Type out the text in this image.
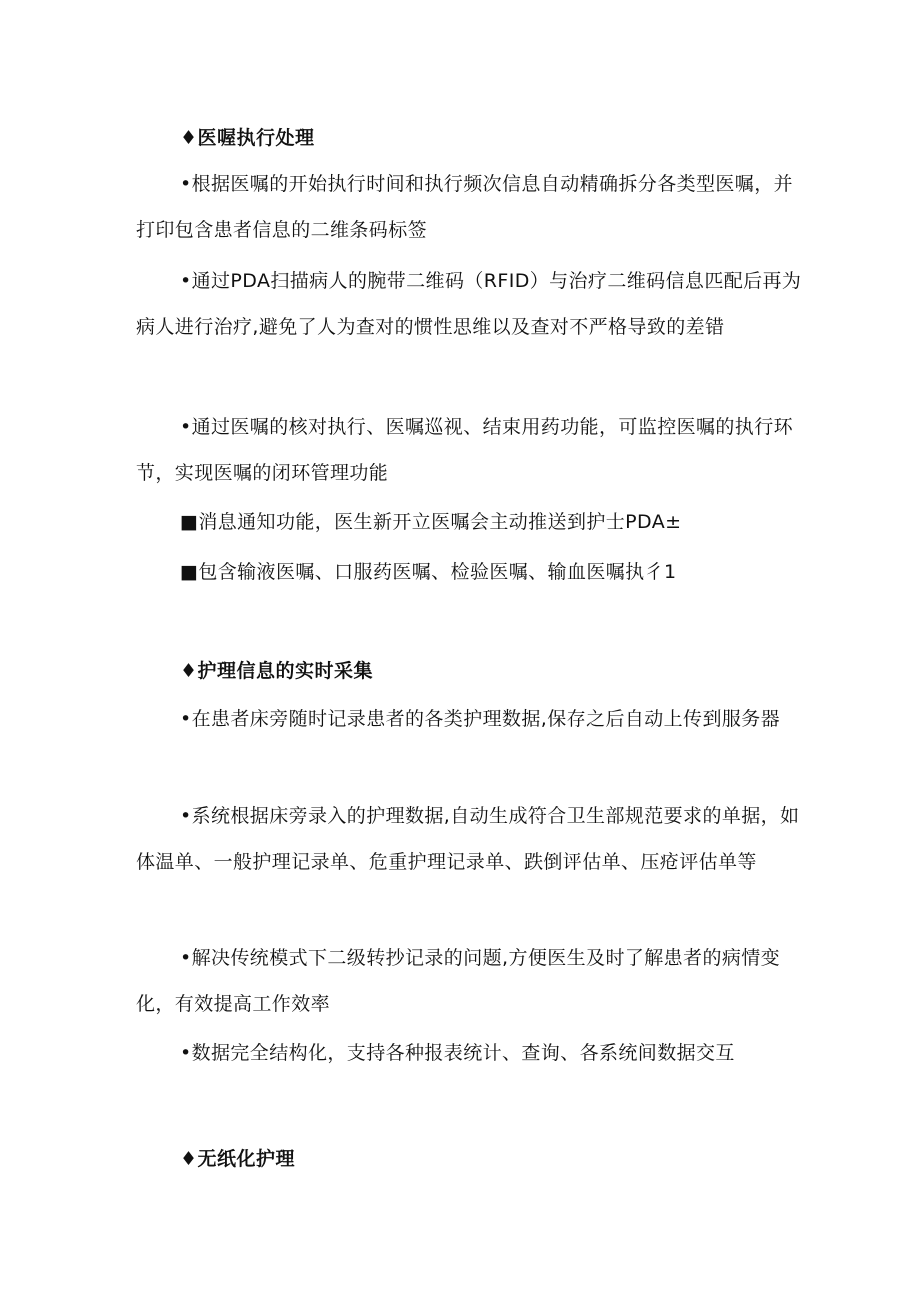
♦医喔执行处理
•根据医嘱的开始执行时间和执行频次信息自动精确拆分各类型医嘱，并打印包含患者信息的二维条码标签
•通过PDA扫描病人的腕带二维码（RFID）与治疗二维码信息匹配后再为病人进行治疗,避免了人为查对的惯性思维以及查对不严格导致的差错
•通过医嘱的核对执行、医嘱巡视、结束用药功能，可监控医嘱的执行环节，实现医嘱的闭环管理功能
■消息通知功能，医生新开立医嘱会主动推送到护士PDA±
■包含输液医嘱、口服药医嘱、检验医嘱、输血医嘱执彳1
♦护理信息的实时采集
•在患者床旁随时记录患者的各类护理数据,保存之后自动上传到服务器
•系统根据床旁录入的护理数据,自动生成符合卫生部规范要求的单据，如体温单、一般护理记录单、危重护理记录单、跌倒评估单、压疮评估单等
•解决传统模式下二级转抄记录的问题,方便医生及时了解患者的病情变化，有效提高工作效率
•数据完全结构化，支持各种报表统计、查询、各系统间数据交互
♦无纸化护理
